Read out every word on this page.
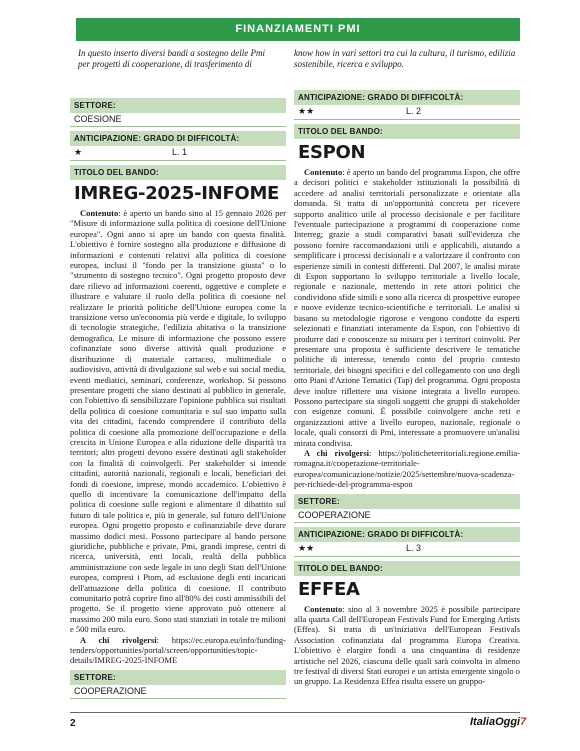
FINANZIAMENTI PMI
In questo inserto diversi bandi a sostegno delle Pmi per progetti di cooperazione, di trasferimento di
know how in vari settori tra cui la cultura, il turismo, edilizia sostenibile, ricerca e sviluppo.
SETTORE:
COESIONE
ANTICIPAZIONE: GRADO DI DIFFICOLTÀ:
★	L. 1
TITOLO DEL BANDO:
IMREG-2025-INFOME

Contenuto: è aperto un bando sino al 15 gennaio 2026 per "Misure di informazione sulla politica di coesione dell'Unione europea". Ogni anno si apre un bando con questa finalità. L'obiettivo è fornire sostegno alla produzione e diffusione di informazioni e contenuti relativi alla politica di coesione europea, inclusi il "fondo per la transizione giusta" o lo "strumento di sostegno tecnico". Ogni progetto proposto deve dare rilievo ad informazioni coerenti, oggettive e complete e illustrare e valutare il ruolo della politica di coesione nel realizzare le priorità politiche dell'Unione europea come la transizione verso un'economia più verde e digitale, lo sviluppo di tecnologie strategiche, l'edilizia abitativa o la transizione demografica. Le misure di informazione che possono essere cofinanziate sono diverse attività quali produzione e distribuzione di materiale cartaceo, multimediale o audiovisivo, attività di divulgazione sul web e sui social media, eventi mediatici, seminari, conferenze, workshop. Si possono presentare progetti che siano destinati al pubblico in generale, con l'obiettivo di sensibilizzare l'opinione pubblica sui risultati della politica di coesione comunitaria e sul suo impatto sulla vita dei cittadini, facendo comprendere il contributo della politica di coesione alla promozione dell'occupazione e della crescita in Unione Europea e alla riduzione delle disparità tra territori; altri progetti devono essere destinati agli stakeholder con la finalità di coinvolgerli. Per stakeholder si intende cittadini, autorità nazionali, regionali e locali, beneficiari dei fondi di coesione, imprese, mondo accademico. L'obiettivo è quello di incentivare la comunicazione dell'impatto della politica di coesione sulle regioni e alimentare il dibattito sul futuro di tale politica e, più in generale, sul futuro dell'Unione europea. Ogni progetto proposto e cofinanziabile deve durare massimo dodici mesi. Possono partecipare al bando persone giuridiche, pubbliche e private, Pmi, grandi imprese, centri di ricerca, università, enti locali, realtà della pubblica amministrazione con sede legale in uno degli Stati dell'Unione europea, compresi i Ptom, ad esclusione degli enti incaricati dell'attuazione della politica di coesione. Il contributo comunitario potrà coprire fino all'80% dei costi ammissibili del progetto. Se il progetto viene approvato può ottenere al massimo 200 mila euro. Sono stati stanziati in totale tre milioni e 500 mila euro.

A chi rivolgersi: https://ec.europa.eu/info/funding-tenders/opportunities/portal/screen/opportunities/topic-details/IMREG-2025-INFOME

SETTORE:
COOPERAZIONE
ANTICIPAZIONE: GRADO DI DIFFICOLTÀ:
★★	L. 2
TITOLO DEL BANDO:
ESPON

Contenuto: è aperto un bando del programma Espon, che offre a decisori politici e stakeholder istituzionali la possibilità di accedere ad analisi territoriali personalizzate e orientate alla domanda. Si tratta di un'opportunità concreta per ricevere supporto analitico utile al processo decisionale e per facilitare l'eventuale partecipazione a programmi di cooperazione come Interreg; grazie a studi comparativi basati sull'evidenza che possono fornire raccomandazioni utili e applicabili, aiutando a semplificare i processi decisionali e a valorizzare il confronto con esperienze simili in contesti differenti. Dal 2007, le analisi mirate di Espon supportano lo sviluppo territoriale a livello locale, regionale e nazionale, mettendo in rete attori politici che condividono sfide simili e sono alla ricerca di prospettive europee e nuove evidenze tecnico-scientifiche e territoriali. Le analisi si basano su metodologie rigorose e vengono condotte da esperti selezionati e finanziati interamente da Espon, con l'obiettivo di produrre dati e conoscenze su misura per i territori coinvolti. Per presentare una proposta è sufficiente descrivere le tematiche politiche di interesse, tenendo conto del proprio contesto territoriale, dei bisogni specifici e del collegamento con uno degli otto Piani d'Azione Tematici (Tap) del programma. Ogni proposta deve inoltre riflettere una visione integrata a livello europeo. Possono partecipare sia singoli soggetti che gruppi di stakeholder con esigenze comuni. È possibile coinvolgere anche reti e organizzazioni attive a livello europeo, nazionale, regionale o locale, quali consorzi di Pmi, interessate a promuovere un'analisi mirata condivisa.

A chi rivolgersi: https://politicheterritoriali.regione.emilia-romagna.it/cooperazione-territoriale-europea/comunicazione/notizie/2025/settembre/nuova-scadenza-per-richiede-del-programma-espon

SETTORE:
COOPERAZIONE
ANTICIPAZIONE: GRADO DI DIFFICOLTÀ:
★★	L. 3
TITOLO DEL BANDO:
EFFEA

Contenuto: sino al 3 novembre 2025 è possibile partecipare alla quarta Call dell'European Festivals Fund for Emerging Artists (Effea). Si tratta di un'iniziativa dell'European Festivals Association cofinanziata dal programma Europa Creativa. L'obiettivo è elargire fondi a una cinquantina di residenze artistiche nel 2026, ciascuna delle quali sarà coinvolta in almeno tre festival di diversi Stati europei e un artista emergente singolo o un gruppo. La Residenza Effea risulta essere un gruppo-

2	ItaliaOggi7
